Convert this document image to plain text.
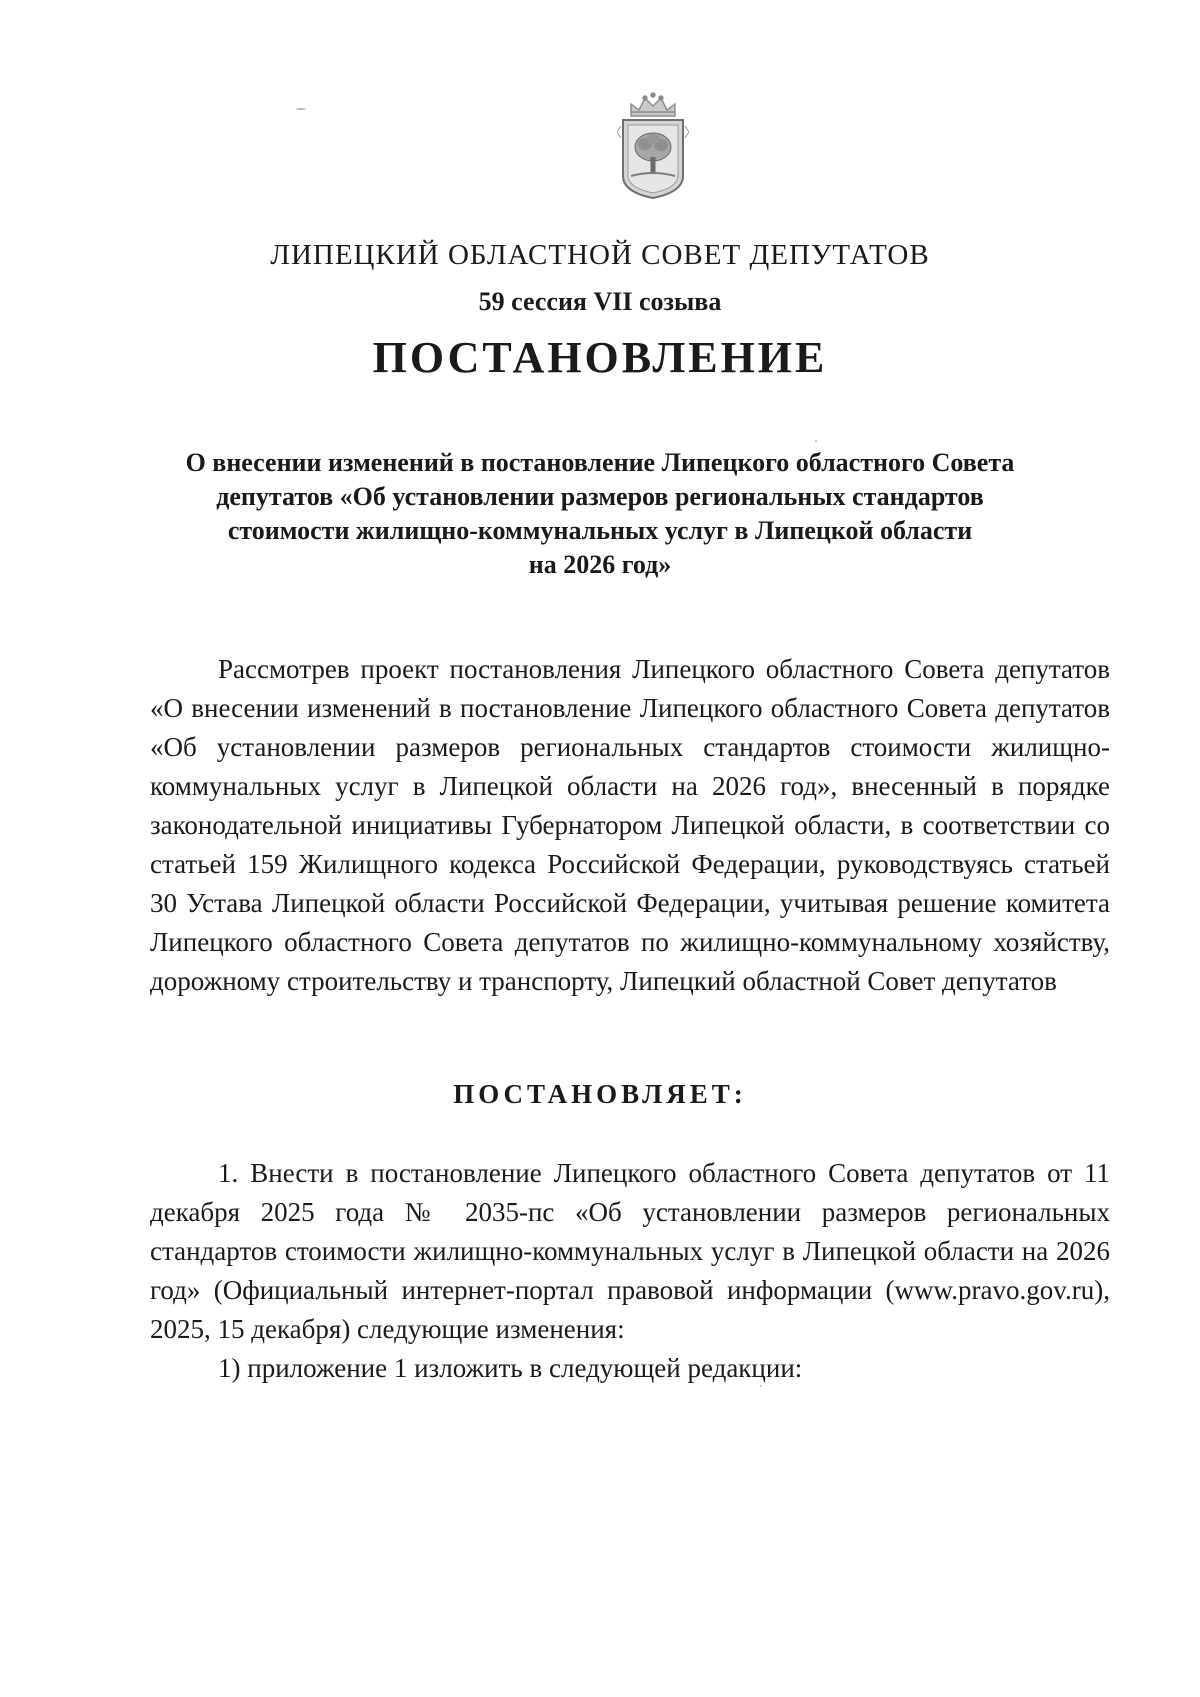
ЛИПЕЦКИЙ ОБЛАСТНОЙ СОВЕТ ДЕПУТАТОВ
59 сессия VII созыва
ПОСТАНОВЛЕНИЕ
О внесении изменений в постановление Липецкого областного Совета
депутатов «Об установлении размеров региональных стандартов
стоимости жилищно-коммунальных услуг в Липецкой области
на 2026 год»

Рассмотрев проект постановления Липецкого областного Совета депутатов «О внесении изменений в постановление Липецкого областного Совета депутатов «Об установлении размеров региональных стандартов стоимости жилищно-коммунальных услуг в Липецкой области на 2026 год», внесенный в порядке законодательной инициативы Губернатором Липецкой области, в соответствии со статьей 159 Жилищного кодекса Российской Федерации, руководствуясь статьей 30 Устава Липецкой области Российской Федерации, учитывая решение комитета Липецкого областного Совета депутатов по жилищно-коммунальному хозяйству, дорожному строительству и транспорту, Липецкий областной Совет депутатов

ПОСТАНОВЛЯЕТ:

1. Внести в постановление Липецкого областного Совета депутатов от 11 декабря 2025 года № 2035-пс «Об установлении размеров региональных стандартов стоимости жилищно-коммунальных услуг в Липецкой области на 2026 год» (Официальный интернет-портал правовой информации (www.pravo.gov.ru), 2025, 15 декабря) следующие изменения:

1) приложение 1 изложить в следующей редакции:
